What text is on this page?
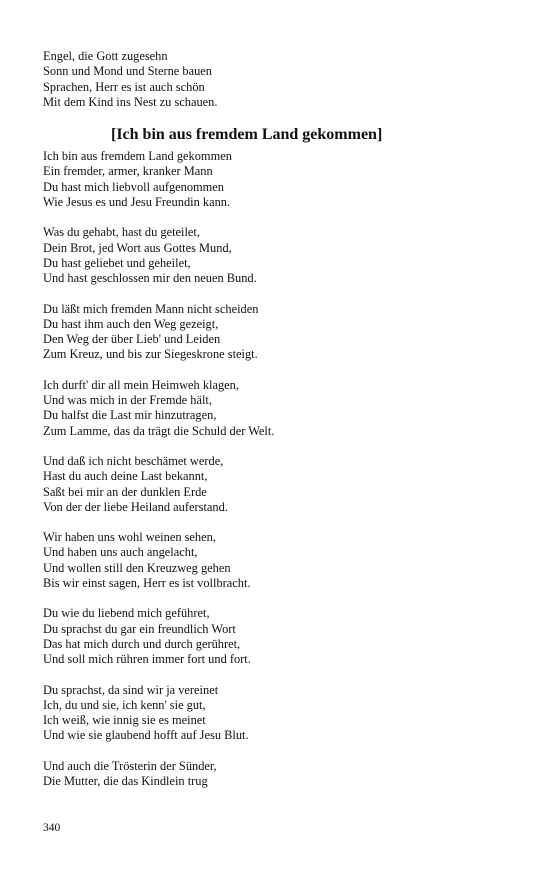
Engel, die Gott zugesehn
Sonn und Mond und Sterne bauen
Sprachen, Herr es ist auch schön
Mit dem Kind ins Nest zu schauen.
[Ich bin aus fremdem Land gekommen]
Ich bin aus fremdem Land gekommen
Ein fremder, armer, kranker Mann
Du hast mich liebvoll aufgenommen
Wie Jesus es und Jesu Freundin kann.
Was du gehabt, hast du geteilet,
Dein Brot, jed Wort aus Gottes Mund,
Du hast geliebet und geheilet,
Und hast geschlossen mir den neuen Bund.
Du läßt mich fremden Mann nicht scheiden
Du hast ihm auch den Weg gezeigt,
Den Weg der über Lieb' und Leiden
Zum Kreuz, und bis zur Siegeskrone steigt.
Ich durft' dir all mein Heimweh klagen,
Und was mich in der Fremde hält,
Du halfst die Last mir hinzutragen,
Zum Lamme, das da trägt die Schuld der Welt.
Und daß ich nicht beschämet werde,
Hast du auch deine Last bekannt,
Saßt bei mir an der dunklen Erde
Von der der liebe Heiland auferstand.
Wir haben uns wohl weinen sehen,
Und haben uns auch angelacht,
Und wollen still den Kreuzweg gehen
Bis wir einst sagen, Herr es ist vollbracht.
Du wie du liebend mich geführet,
Du sprachst du gar ein freundlich Wort
Das hat mich durch und durch gerühret,
Und soll mich rühren immer fort und fort.
Du sprachst, da sind wir ja vereinet
Ich, du und sie, ich kenn' sie gut,
Ich weiß, wie innig sie es meinet
Und wie sie glaubend hofft auf Jesu Blut.
Und auch die Trösterin der Sünder,
Die Mutter, die das Kindlein trug
340
